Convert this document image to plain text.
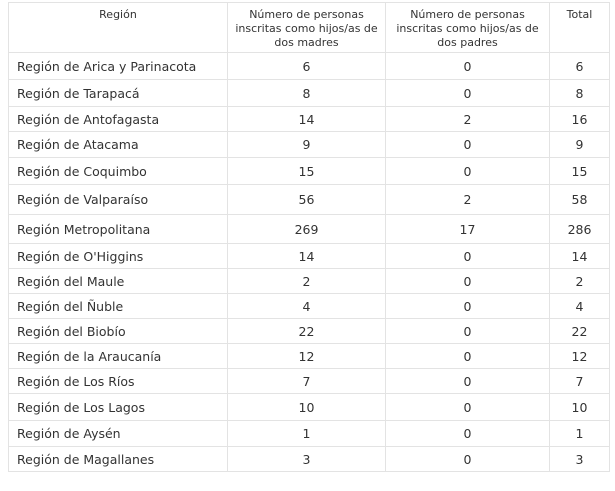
Región	Número de personas inscritas como hijos/as de dos madres	Número de personas inscritas como hijos/as de dos padres	Total
Región de Arica y Parinacota	6	0	6
Región de Tarapacá	8	0	8
Región de Antofagasta	14	2	16
Región de Atacama	9	0	9
Región de Coquimbo	15	0	15
Región de Valparaíso	56	2	58
Región Metropolitana	269	17	286
Región de O'Higgins	14	0	14
Región del Maule	2	0	2
Región del Ñuble	4	0	4
Región del Biobío	22	0	22
Región de la Araucanía	12	0	12
Región de Los Ríos	7	0	7
Región de Los Lagos	10	0	10
Región de Aysén	1	0	1
Región de Magallanes	3	0	3
